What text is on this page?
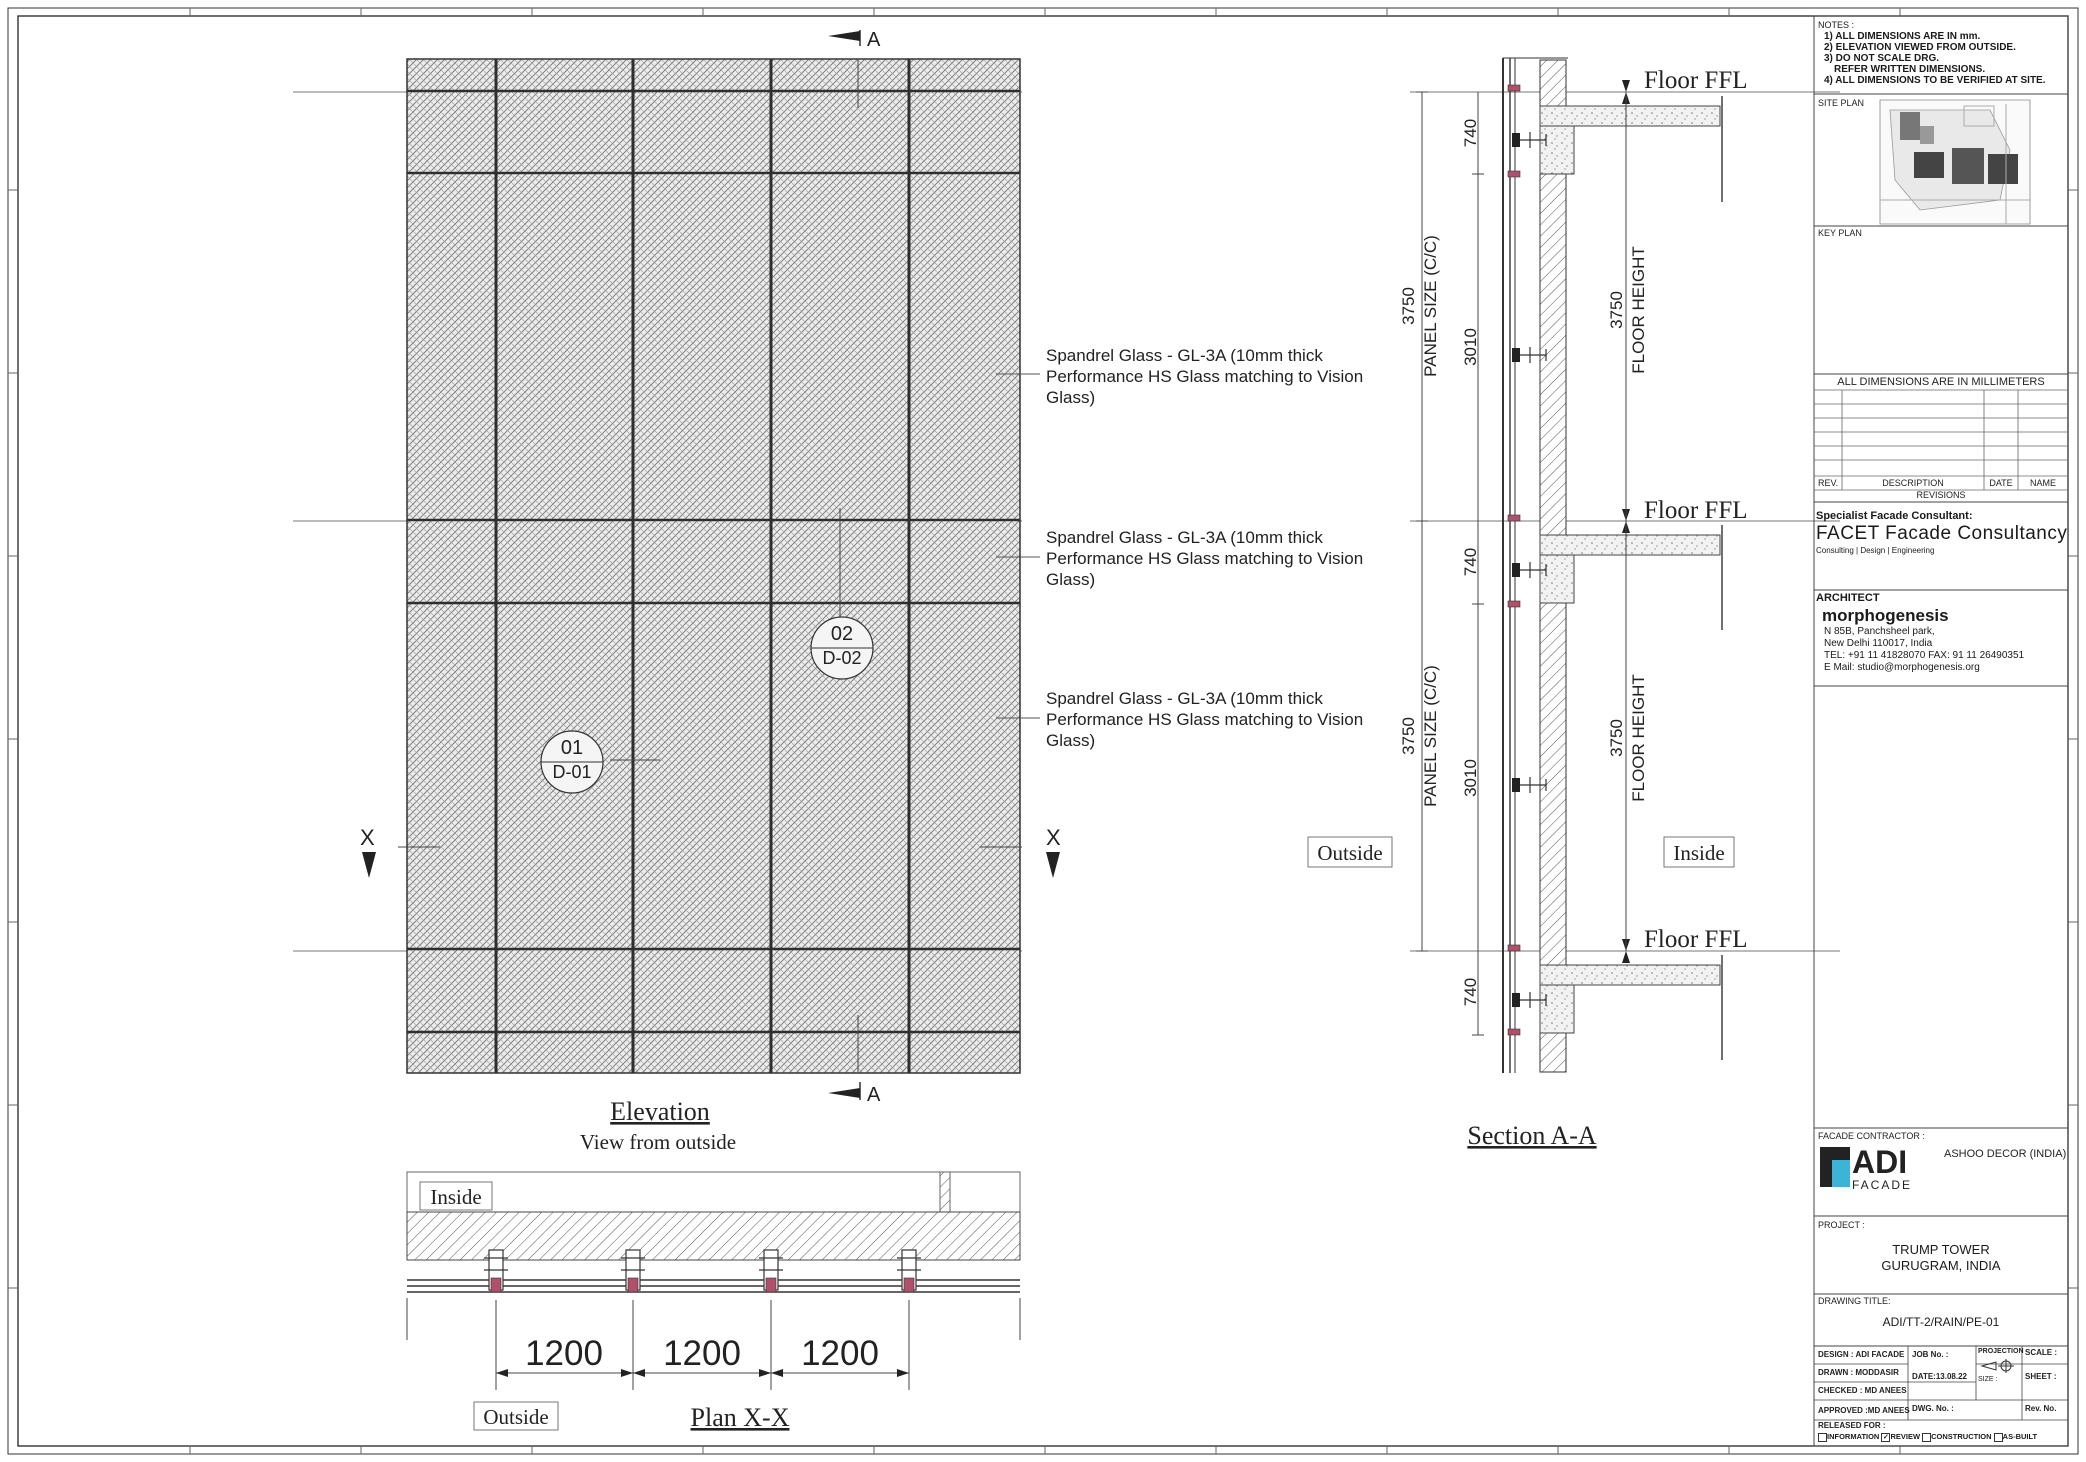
A
A
X	X
01
D-01
02
D-02
Spandrel Glass - GL-3A (10mm thick
Performance HS Glass matching to Vision
Glass)
Spandrel Glass - GL-3A (10mm thick
Performance HS Glass matching to Vision
Glass)
Spandrel Glass - GL-3A (10mm thick
Performance HS Glass matching to Vision
Glass)
Elevation
View from outside
3750 PANEL SIZE (C/C)
3750 PANEL SIZE (C/C)
740
3010
740
3010
740
3750 FLOOR HEIGHT
3750 FLOOR HEIGHT
Floor FFL
Floor FFL
Floor FFL
Outside	Inside
Section A-A
1200 1200 1200
Inside
Outside	Plan X-X
NOTES :
1) ALL DIMENSIONS ARE IN mm.
2) ELEVATION VIEWED FROM OUTSIDE.
3) DO NOT SCALE DRG.
REFER WRITTEN DIMENSIONS.
4) ALL DIMENSIONS TO BE VERIFIED AT SITE.
SITE PLAN
KEY PLAN
ALL DIMENSIONS ARE IN MILLIMETERS
REV.	DESCRIPTION	DATE	NAME
REVISIONS
Specialist Facade Consultant:
FACET Facade Consultancy
Consulting | Design | Engineering
ARCHITECT
morphogenesis
N 85B, Panchsheel park,
New Delhi 110017, India
TEL: +91 11 41828070 FAX: 91 11 26490351
E Mail: studio@morphogenesis.org
FACADE CONTRACTOR :
ADI
FACADE
ASHOO DECOR (INDIA)
PROJECT :
TRUMP TOWER
GURUGRAM, INDIA
DRAWING TITLE:
ADI/TT-2/RAIN/PE-01
DESIGN : ADI FACADE
DRAWN : MODDASIR
CHECKED : MD ANEES
APPROVED :MD ANEES
JOB No. :
DATE:13.08.22
DWG. No. :
PROJECTION
SIZE :
SCALE :
SHEET :
Rev. No.
RELEASED FOR :
INFORMATION ✓ REVIEW CONSTRUCTION AS-BUILT
